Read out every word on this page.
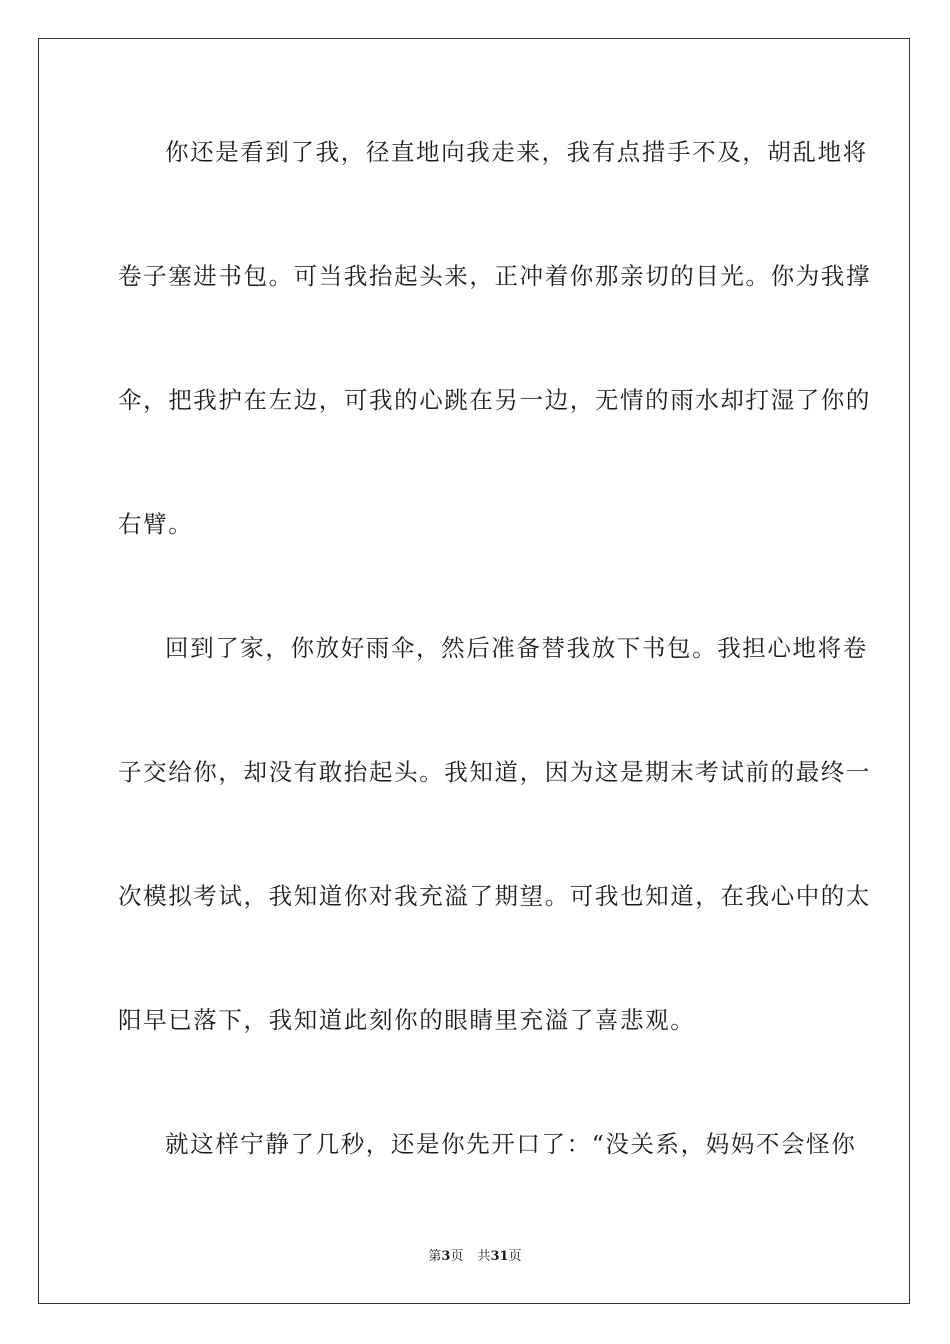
你还是看到了我，径直地向我走来，我有点措手不及，胡乱地将
卷子塞进书包。可当我抬起头来，正冲着你那亲切的目光。你为我撑
伞，把我护在左边，可我的心跳在另一边，无情的雨水却打湿了你的
右臂。
回到了家，你放好雨伞，然后准备替我放下书包。我担心地将卷
子交给你，却没有敢抬起头。我知道，因为这是期末考试前的最终一
次模拟考试，我知道你对我充溢了期望。可我也知道，在我心中的太
阳早已落下，我知道此刻你的眼睛里充溢了喜悲观。
就这样宁静了几秒，还是你先开口了：“没关系，妈妈不会怪你
第3页 共31页
